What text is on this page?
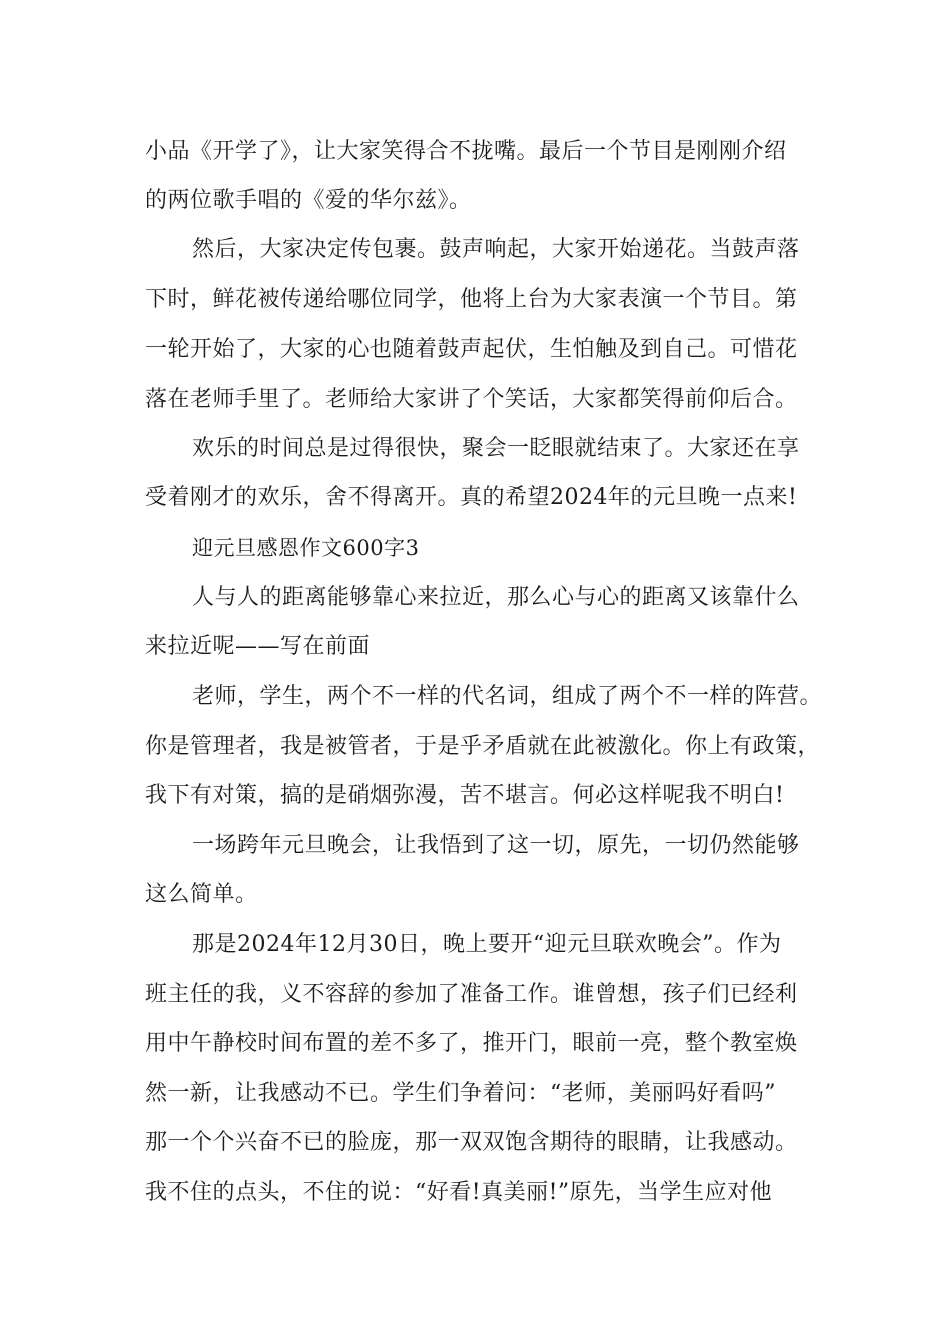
小品《开学了》，让大家笑得合不拢嘴。最后一个节目是刚刚介绍
的两位歌手唱的《爱的华尔兹》。
然后，大家决定传包裹。鼓声响起，大家开始递花。当鼓声落
下时，鲜花被传递给哪位同学，他将上台为大家表演一个节目。第
一轮开始了，大家的心也随着鼓声起伏，生怕触及到自己。可惜花
落在老师手里了。老师给大家讲了个笑话，大家都笑得前仰后合。
欢乐的时间总是过得很快，聚会一眨眼就结束了。大家还在享
受着刚才的欢乐，舍不得离开。真的希望2024年的元旦晚一点来!
迎元旦感恩作文600字3
人与人的距离能够靠心来拉近，那么心与心的距离又该靠什么
来拉近呢——写在前面
老师，学生，两个不一样的代名词，组成了两个不一样的阵营。
你是管理者，我是被管者，于是乎矛盾就在此被激化。你上有政策，
我下有对策，搞的是硝烟弥漫，苦不堪言。何必这样呢我不明白!
一场跨年元旦晚会，让我悟到了这一切，原先，一切仍然能够
这么简单。
那是2024年12月30日，晚上要开“迎元旦联欢晚会”。作为
班主任的我，义不容辞的参加了准备工作。谁曾想，孩子们已经利
用中午静校时间布置的差不多了，推开门，眼前一亮，整个教室焕
然一新，让我感动不已。学生们争着问：“老师，美丽吗好看吗”
那一个个兴奋不已的脸庞，那一双双饱含期待的眼睛，让我感动。
我不住的点头，不住的说：“好看!真美丽!”原先，当学生应对他
